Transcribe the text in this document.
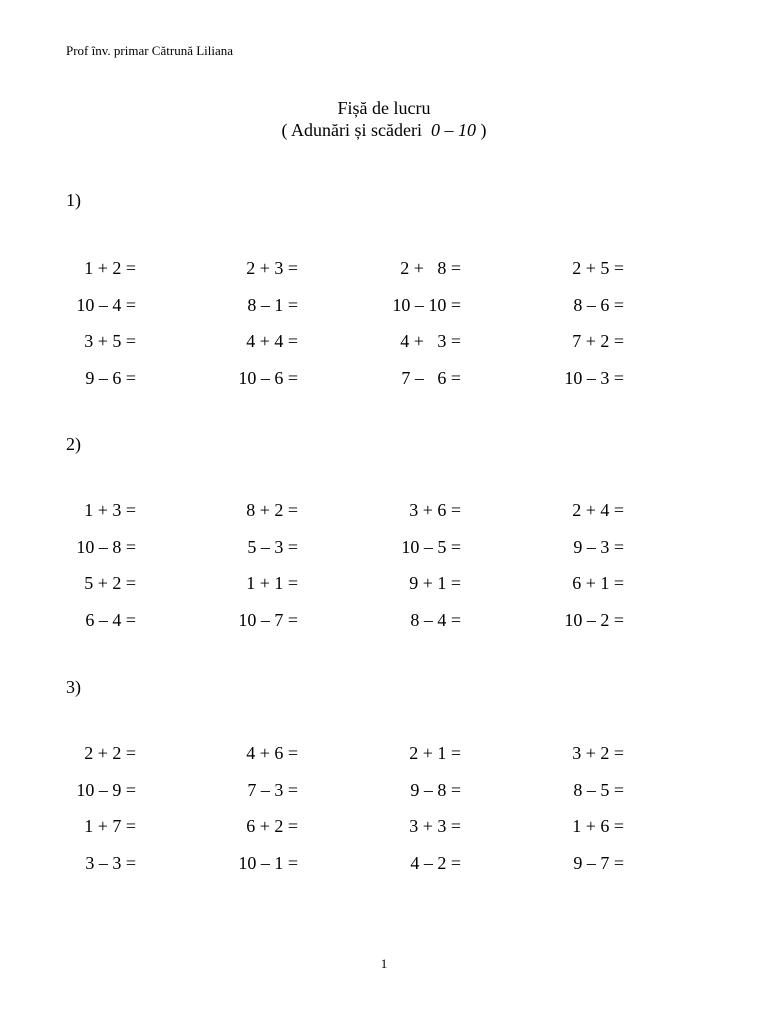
Prof înv. primar Cătrună Liliana
Fișă de lucru
( Adunări și scăderi  0 – 10 )
1)
1 + 2 =	2 + 3 =	2 +   8 =	2 + 5 =
10 – 4 =	8 – 1 =	10 – 10 =	8 – 6 =
3 + 5 =	4 + 4 =	4 +   3 =	7 + 2 =
9 – 6 =	10 – 6 =	7 –   6 =	10 – 3 =
2)
1 + 3 =	8 + 2 =	3 + 6 =	2 + 4 =
10 – 8 =	5 – 3 =	10 – 5 =	9 – 3 =
5 + 2 =	1 + 1 =	9 + 1 =	6 + 1 =
6 – 4 =	10 – 7 =	8 – 4 =	10 – 2 =
3)
2 + 2 =	4 + 6 =	2 + 1 =	3 + 2 =
10 – 9 =	7 – 3 =	9 – 8 =	8 – 5 =
1 + 7 =	6 + 2 =	3 + 3 =	1 + 6 =
3 – 3 =	10 – 1 =	4 – 2 =	9 – 7 =
1
